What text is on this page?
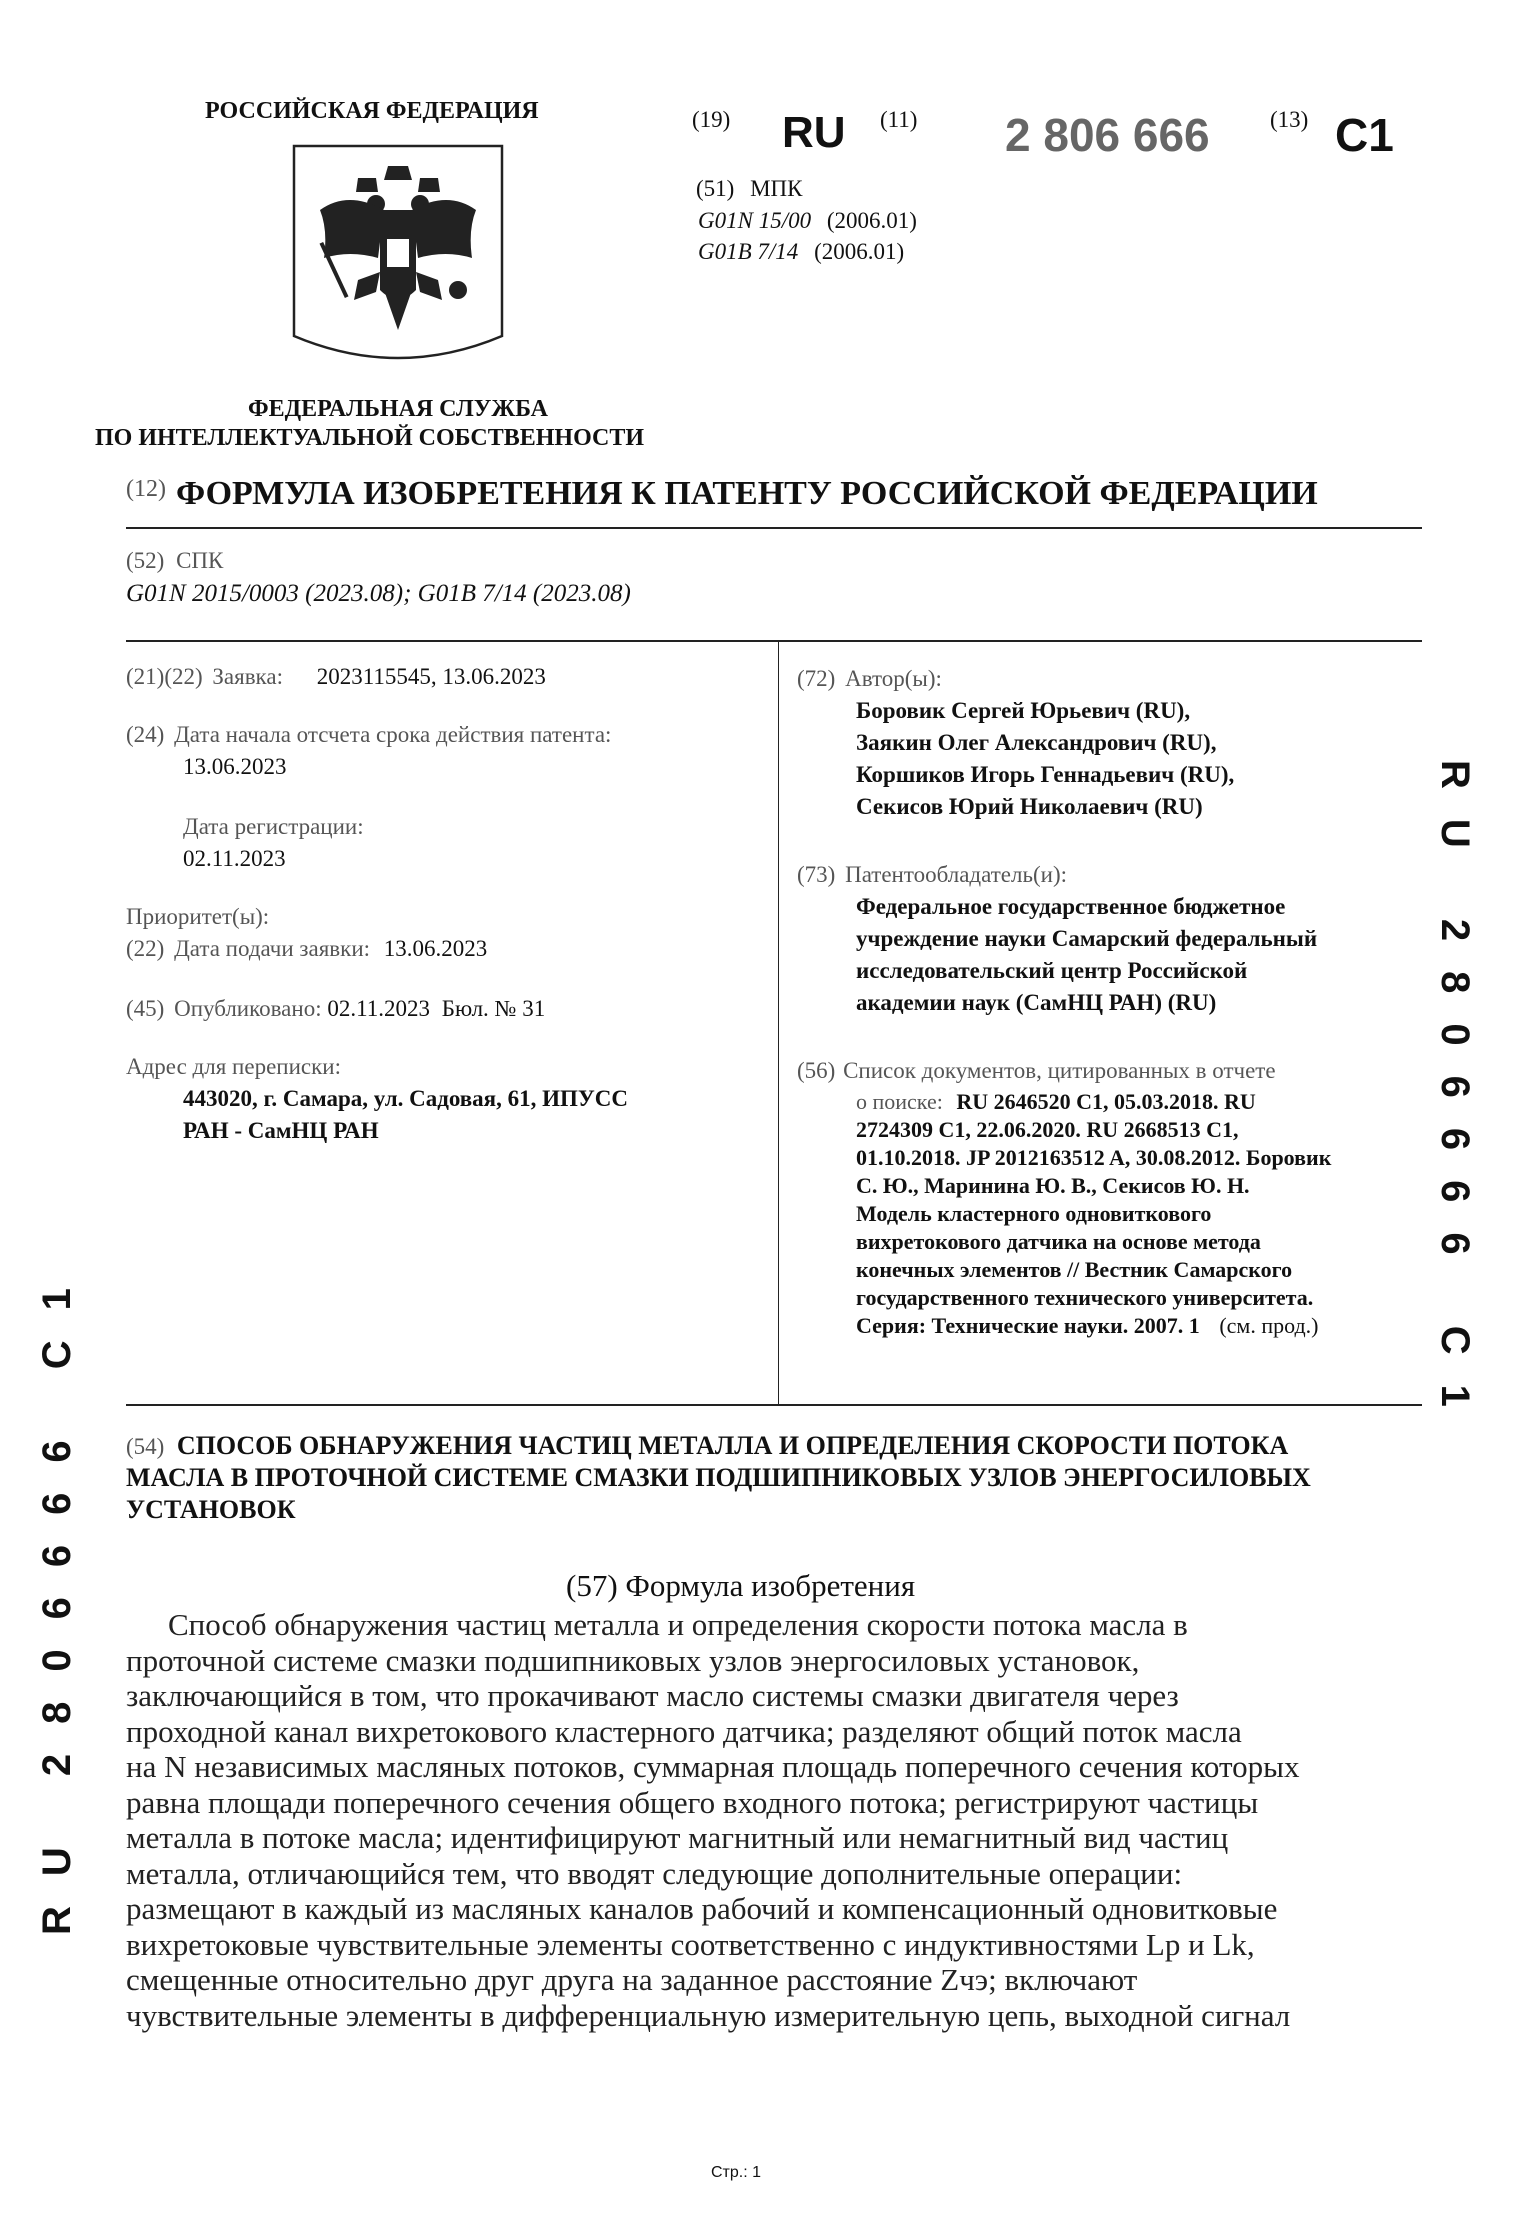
РОССИЙСКАЯ ФЕДЕРАЦИЯ
ФЕДЕРАЛЬНАЯ СЛУЖБА
ПО ИНТЕЛЛЕКТУАЛЬНОЙ СОБСТВЕННОСТИ
(19) RU (11) 2 806 666	(13) C1
(51) МПК
G01N 15/00 (2006.01)
G01B 7/14 (2006.01)
(12) ФОРМУЛА ИЗОБРЕТЕНИЯ К ПАТЕНТУ РОССИЙСКОЙ ФЕДЕРАЦИИ
(52) СПК
G01N 2015/0003 (2023.08); G01B 7/14 (2023.08)
(21)(22) Заявка: 2023115545, 13.06.2023
(24) Дата начала отсчета срока действия патента:
13.06.2023
Дата регистрации:
02.11.2023
Приоритет(ы):
(22) Дата подачи заявки: 13.06.2023
(45) Опубликовано: 02.11.2023 Бюл. № 31
Адрес для переписки:
443020, г. Самара, ул. Садовая, 61, ИПУСС
РАН - СамНЦ РАН
(72) Автор(ы):
Боровик Сергей Юрьевич (RU),
Заякин Олег Александрович (RU),
Коршиков Игорь Геннадьевич (RU),
Секисов Юрий Николаевич (RU)
(73) Патентообладатель(и):
Федеральное государственное бюджетное
учреждение науки Самарский федеральный
исследовательский центр Российской
академии наук (СамНЦ РАН) (RU)
(56) Список документов, цитированных в отчете
о поиске: RU 2646520 C1, 05.03.2018. RU
2724309 C1, 22.06.2020. RU 2668513 C1,
01.10.2018. JP 2012163512 A, 30.08.2012. Боровик
С. Ю., Маринина Ю. В., Секисов Ю. Н.
Модель кластерного одновиткового
вихретокового датчика на основе метода
конечных элементов // Вестник Самарского
государственного технического университета.
Серия: Технические науки. 2007. 1 (см. прод.)
(54) СПОСОБ ОБНАРУЖЕНИЯ ЧАСТИЦ МЕТАЛЛА И ОПРЕДЕЛЕНИЯ СКОРОСТИ ПОТОКА
МАСЛА В ПРОТОЧНОЙ СИСТЕМЕ СМАЗКИ ПОДШИПНИКОВЫХ УЗЛОВ ЭНЕРГОСИЛОВЫХ
УСТАНОВОК
(57) Формула изобретения

Способ обнаружения частиц металла и определения скорости потока масла в

проточной системе смазки подшипниковых узлов энергосиловых установок,

заключающийся в том, что прокачивают масло системы смазки двигателя через

проходной канал вихретокового кластерного датчика; разделяют общий поток масла

на N независимых масляных потоков, суммарная площадь поперечного сечения которых

равна площади поперечного сечения общего входного потока; регистрируют частицы

металла в потоке масла; идентифицируют магнитный или немагнитный вид частиц

металла, отличающийся тем, что вводят следующие дополнительные операции:

размещают в каждый из масляных каналов рабочий и компенсационный одновитковые

вихретоковые чувствительные элементы соответственно с индуктивностями Lp и Lk,

смещенные относительно друг друга на заданное расстояние Zчэ; включают

чувствительные элементы в дифференциальную измерительную цепь, выходной сигнал

RU 2806666 C1
RU 2806666 C1
Стр.: 1
